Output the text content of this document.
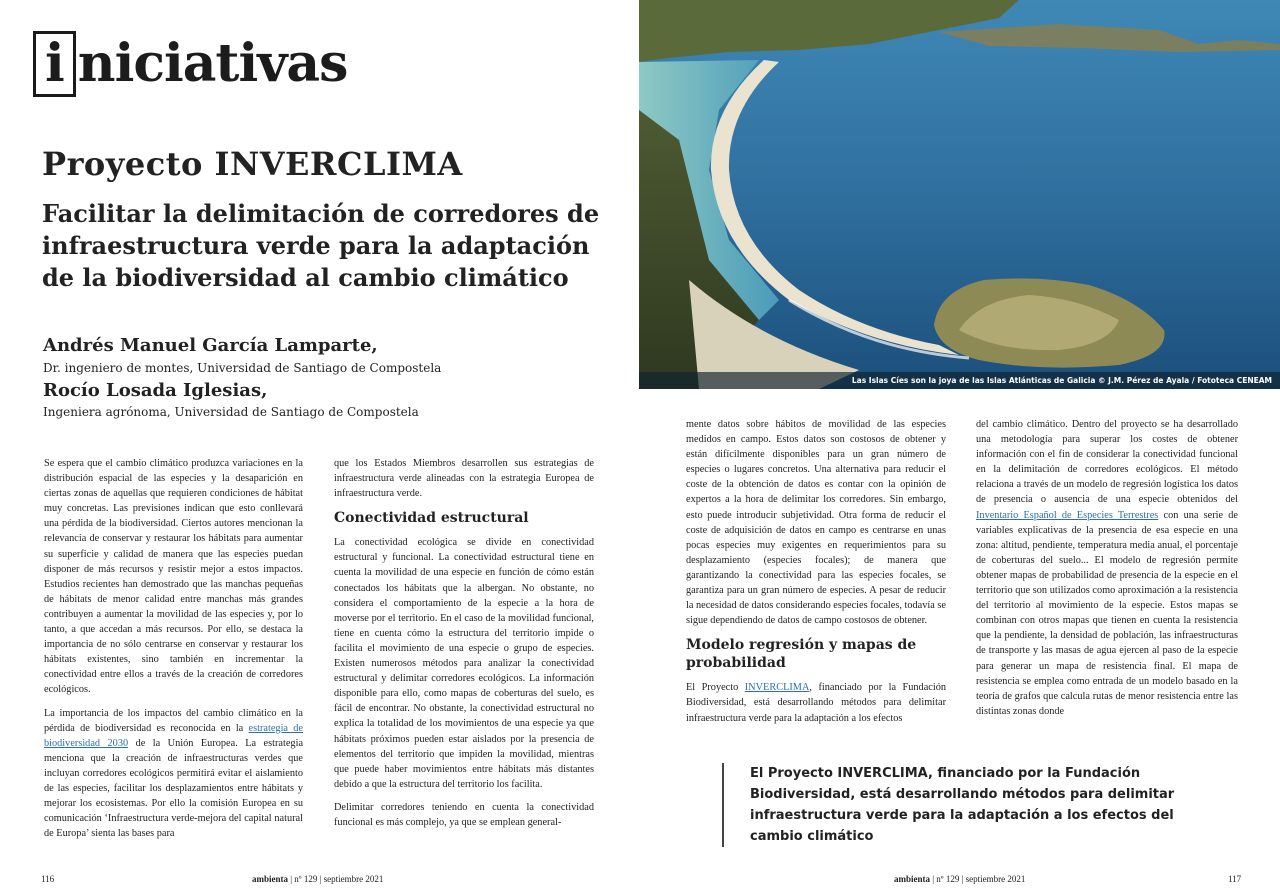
i niciativas
Proyecto INVERCLIMA
Facilitar la delimitación de corredores de infraestructura verde para la adaptación de la biodiversidad al cambio climático
Andrés Manuel García Lamparte,
Dr. ingeniero de montes, Universidad de Santiago de Compostela
Rocío Losada Iglesias,
Ingeniera agrónoma, Universidad de Santiago de Compostela

Se espera que el cambio climático produzca variaciones en la distribución espacial de las especies y la desaparición en ciertas zonas de aquellas que requieren condiciones de hábitat muy concretas. Las previsiones indican que esto conllevará una pérdida de la biodiversidad. Ciertos autores mencionan la relevancia de conservar y restaurar los hábitats para aumentar su superficie y calidad de manera que las especies puedan disponer de más recursos y resistir mejor a estos impactos. Estudios recientes han demostrado que las manchas pequeñas de hábitats de menor calidad entre manchas más grandes contribuyen a aumentar la movilidad de las especies y, por lo tanto, a que accedan a más recursos. Por ello, se destaca la importancia de no sólo centrarse en conservar y restaurar los hábitats existentes, sino también en incrementar la conectividad entre ellos a través de la creación de corredores ecológicos.

La importancia de los impactos del cambio climático en la pérdida de biodiversidad es reconocida en la estrategia de biodiversidad 2030 de la Unión Europea. La estrategia menciona que la creación de infraestructuras verdes que incluyan corredores ecológicos permitirá evitar el aislamiento de las especies, facilitar los desplazamientos entre hábitats y mejorar los ecosistemas. Por ello la comisión Europea en su comunicación ‘Infraestructura verde-mejora del capital natural de Europa’ sienta las bases para

que los Estados Miembros desarrollen sus estrategias de infraestructura verde alineadas con la estrategia Europea de infraestructura verde.

Conectividad estructural

La conectividad ecológica se divide en conectividad estructural y funcional. La conectividad estructural tiene en cuenta la movilidad de una especie en función de cómo están conectados los hábitats que la albergan. No obstante, no considera el comportamiento de la especie a la hora de moverse por el territorio. En el caso de la movilidad funcional, tiene en cuenta cómo la estructura del territorio impide o facilita el movimiento de una especie o grupo de especies. Existen numerosos métodos para analizar la conectividad estructural y delimitar corredores ecológicos. La información disponible para ello, como mapas de coberturas del suelo, es fácil de encontrar. No obstante, la conectividad estructural no explica la totalidad de los movimientos de una especie ya que hábitats próximos pueden estar aislados por la presencia de elementos del territorio que impiden la movilidad, mientras que puede haber movimientos entre hábitats más distantes debido a que la estructura del territorio los facilita.

Delimitar corredores teniendo en cuenta la conectividad funcional es más complejo, ya que se emplean general-

Las Islas Cíes son la joya de las Islas Atlánticas de Galicia © J.M. Pérez de Ayala / Fototeca CENEAM

mente datos sobre hábitos de movilidad de las especies medidos en campo. Estos datos son costosos de obtener y están difícilmente disponibles para un gran número de especies o lugares concretos. Una alternativa para reducir el coste de la obtención de datos es contar con la opinión de expertos a la hora de delimitar los corredores. Sin embargo, esto puede introducir subjetividad. Otra forma de reducir el coste de adquisición de datos en campo es centrarse en unas pocas especies muy exigentes en requerimientos para su desplazamiento (especies focales); de manera que garantizando la conectividad para las especies focales, se garantiza para un gran número de especies. A pesar de reducir la necesidad de datos considerando especies focales, todavía se sigue dependiendo de datos de campo costosos de obtener.

Modelo regresión y mapas de probabilidad

El Proyecto INVERCLIMA, financiado por la Fundación Biodiversidad, está desarrollando métodos para delimitar infraestructura verde para la adaptación a los efectos

del cambio climático. Dentro del proyecto se ha desarrollado una metodología para superar los costes de obtener información con el fin de considerar la conectividad funcional en la delimitación de corredores ecológicos. El método relaciona a través de un modelo de regresión logística los datos de presencia o ausencia de una especie obtenidos del Inventario Español de Especies Terrestres con una serie de variables explicativas de la presencia de esa especie en una zona: altitud, pendiente, temperatura media anual, el porcentaje de coberturas del suelo... El modelo de regresión permite obtener mapas de probabilidad de presencia de la especie en el territorio que son utilizados como aproximación a la resistencia del territorio al movimiento de la especie. Estos mapas se combinan con otros mapas que tienen en cuenta la resistencia que la pendiente, la densidad de población, las infraestructuras de transporte y las masas de agua ejercen al paso de la especie para generar un mapa de resistencia final. El mapa de resistencia se emplea como entrada de un modelo basado en la teoría de grafos que calcula rutas de menor resistencia entre las distintas zonas donde

El Proyecto INVERCLIMA, financiado por la Fundación Biodiversidad, está desarrollando métodos para delimitar infraestructura verde para la adaptación a los efectos del cambio climático
116	ambienta | nº 129 | septiembre 2021	ambienta | nº 129 | septiembre 2021	117
